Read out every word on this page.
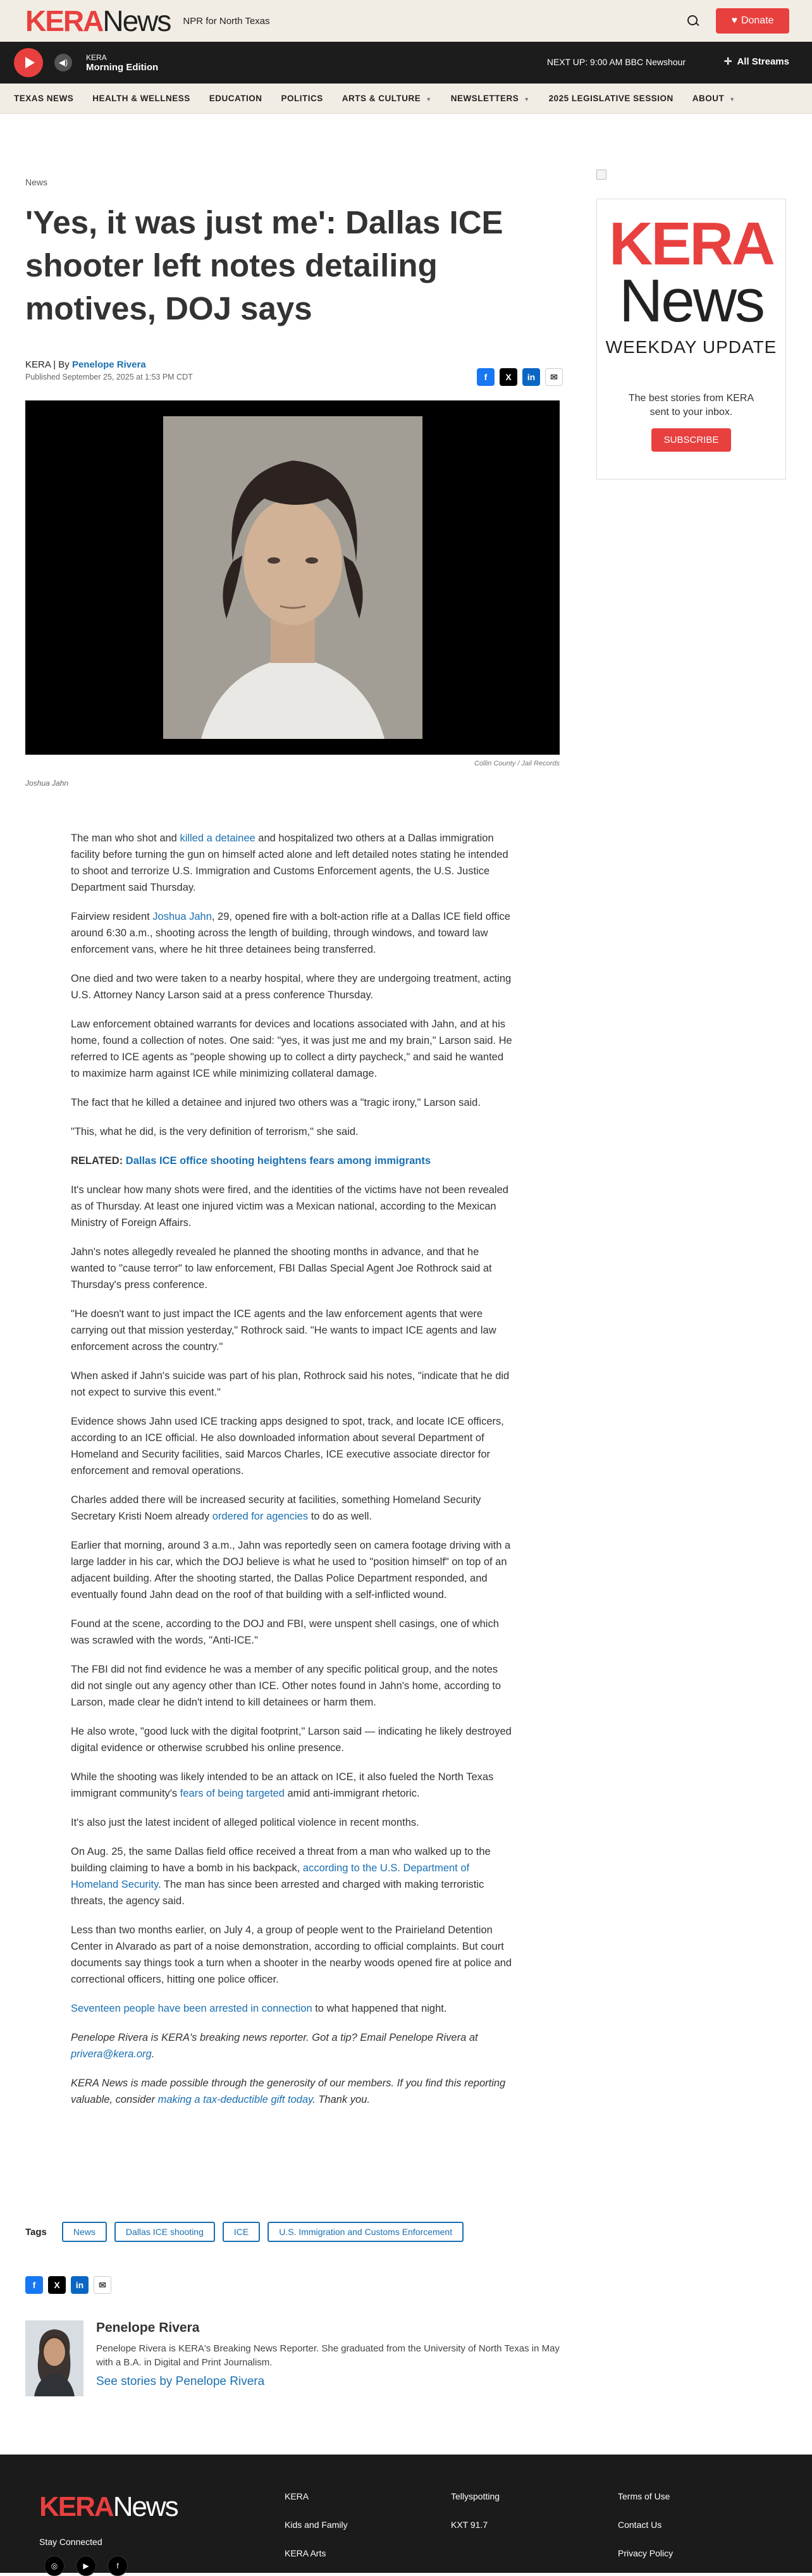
KERA News NPR for North Texas	♥ Donate
◀)
KERA
Morning Edition	NEXT UP: 9:00 AM BBC Newshour	✛ All Streams
TEXAS NEWS HEALTH & WELLNESS EDUCATION POLITICS ARTS & CULTURE ▼ NEWSLETTERS ▼ 2025 LEGISLATIVE SESSION ABOUT ▼
News
'Yes, it was just me': Dallas ICE shooter left notes detailing motives, DOJ says
KERA | By Penelope Rivera
Published September 25, 2025 at 1:53 PM CDT	f	X	in	✉
Collin County / Jail Records
Joshua Jahn
KERA
News
WEEKDAY UPDATE
The best stories from KERA sent to your inbox.
SUBSCRIBE

The man who shot and killed a detainee and hospitalized two others at a Dallas immigration facility before turning the gun on himself acted alone and left detailed notes stating he intended to shoot and terrorize U.S. Immigration and Customs Enforcement agents, the U.S. Justice Department said Thursday.

Fairview resident Joshua Jahn, 29, opened fire with a bolt-action rifle at a Dallas ICE field office around 6:30 a.m., shooting across the length of building, through windows, and toward law enforcement vans, where he hit three detainees being transferred.

One died and two were taken to a nearby hospital, where they are undergoing treatment, acting U.S. Attorney Nancy Larson said at a press conference Thursday.

Law enforcement obtained warrants for devices and locations associated with Jahn, and at his home, found a collection of notes. One said: "yes, it was just me and my brain," Larson said. He referred to ICE agents as "people showing up to collect a dirty paycheck," and said he wanted to maximize harm against ICE while minimizing collateral damage.

The fact that he killed a detainee and injured two others was a "tragic irony," Larson said.

"This, what he did, is the very definition of terrorism," she said.

RELATED: Dallas ICE office shooting heightens fears among immigrants

It's unclear how many shots were fired, and the identities of the victims have not been revealed as of Thursday. At least one injured victim was a Mexican national, according to the Mexican Ministry of Foreign Affairs.

Jahn's notes allegedly revealed he planned the shooting months in advance, and that he wanted to "cause terror" to law enforcement, FBI Dallas Special Agent Joe Rothrock said at Thursday's press conference.

"He doesn't want to just impact the ICE agents and the law enforcement agents that were carrying out that mission yesterday," Rothrock said. "He wants to impact ICE agents and law enforcement across the country."

When asked if Jahn's suicide was part of his plan, Rothrock said his notes, "indicate that he did not expect to survive this event."

Evidence shows Jahn used ICE tracking apps designed to spot, track, and locate ICE officers, according to an ICE official. He also downloaded information about several Department of Homeland and Security facilities, said Marcos Charles, ICE executive associate director for enforcement and removal operations.

Charles added there will be increased security at facilities, something Homeland Security Secretary Kristi Noem already ordered for agencies to do as well.

Earlier that morning, around 3 a.m., Jahn was reportedly seen on camera footage driving with a large ladder in his car, which the DOJ believe is what he used to "position himself" on top of an adjacent building. After the shooting started, the Dallas Police Department responded, and eventually found Jahn dead on the roof of that building with a self-inflicted wound.

Found at the scene, according to the DOJ and FBI, were unspent shell casings, one of which was scrawled with the words, "Anti-ICE."

The FBI did not find evidence he was a member of any specific political group, and the notes did not single out any agency other than ICE. Other notes found in Jahn's home, according to Larson, made clear he didn't intend to kill detainees or harm them.

He also wrote, "good luck with the digital footprint," Larson said — indicating he likely destroyed digital evidence or otherwise scrubbed his online presence.

While the shooting was likely intended to be an attack on ICE, it also fueled the North Texas immigrant community's fears of being targeted amid anti-immigrant rhetoric.

It's also just the latest incident of alleged political violence in recent months.

On Aug. 25, the same Dallas field office received a threat from a man who walked up to the building claiming to have a bomb in his backpack, according to the U.S. Department of Homeland Security. The man has since been arrested and charged with making terroristic threats, the agency said.

Less than two months earlier, on July 4, a group of people went to the Prairieland Detention Center in Alvarado as part of a noise demonstration, according to official complaints. But court documents say things took a turn when a shooter in the nearby woods opened fire at police and correctional officers, hitting one police officer.

Seventeen people have been arrested in connection to what happened that night.

Penelope Rivera is KERA's breaking news reporter. Got a tip? Email Penelope Rivera at privera@kera.org.

KERA News is made possible through the generosity of our members. If you find this reporting valuable, consider making a tax-deductible gift today. Thank you.

Tags	News	Dallas ICE shooting	ICE	U.S. Immigration and Customs Enforcement
f	X	in	✉
Penelope Rivera
Penelope Rivera is KERA's Breaking News Reporter. She graduated from the University of North Texas in May with a B.A. in Digital and Print Journalism.
See stories by Penelope Rivera
KERA News
Stay Connected
◎	▶	f
KERA
Kids and Family
KERA Arts
Tellyspotting
KXT 91.7
Terms of Use
Contact Us
Privacy Policy
